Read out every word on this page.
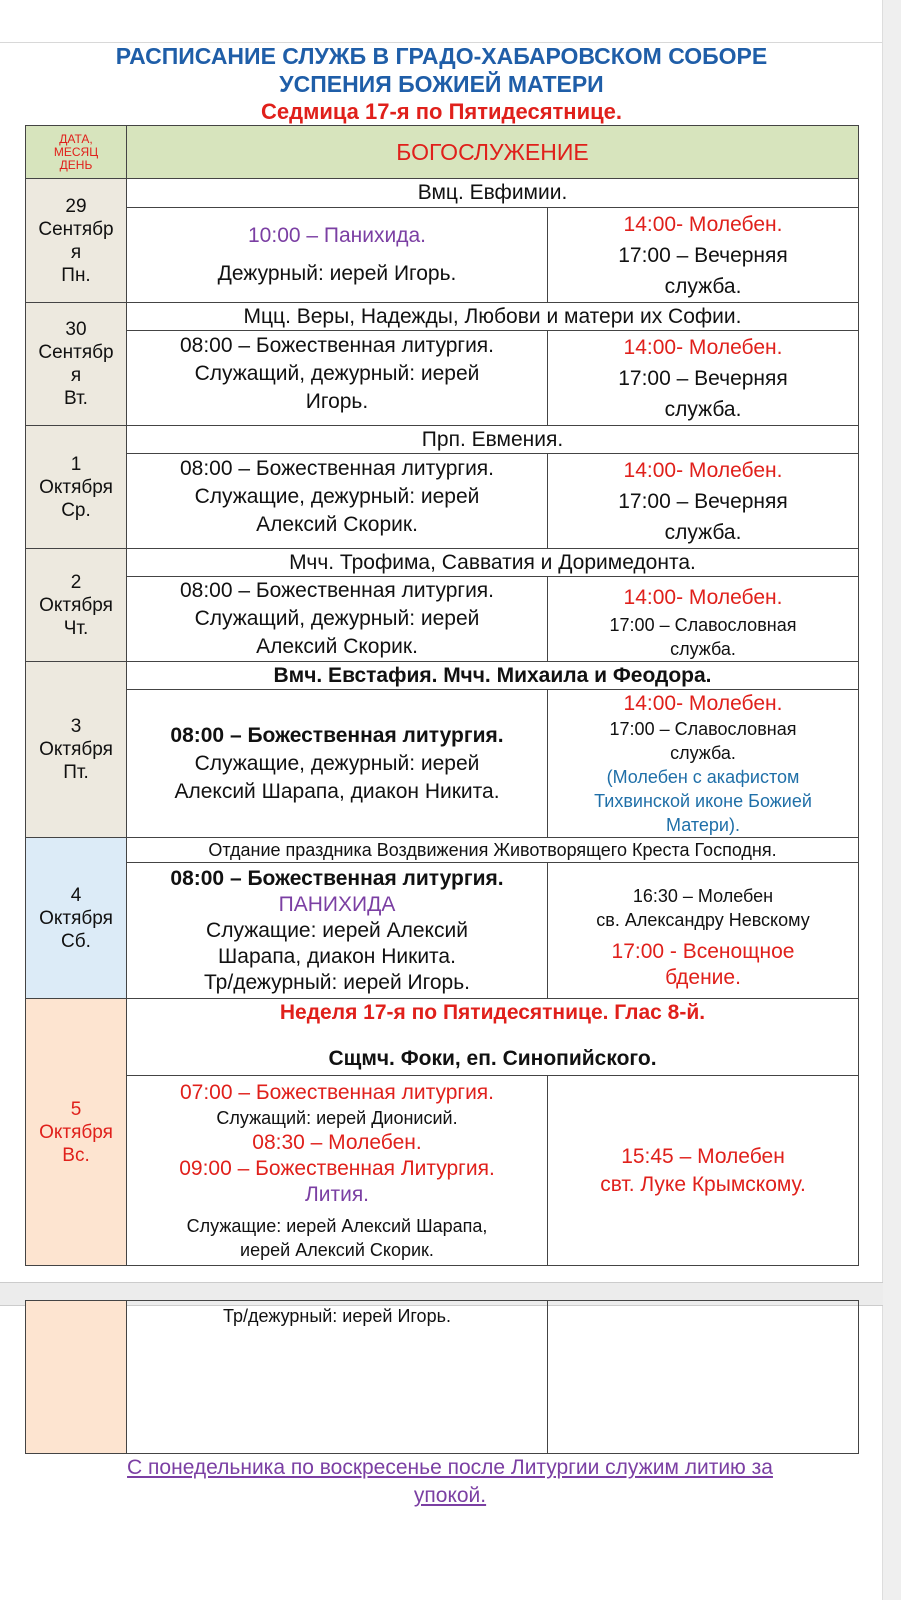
РАСПИСАНИЕ СЛУЖБ В ГРАДО-ХАБАРОВСКОМ СОБОРЕ
УСПЕНИЯ БОЖИЕЙ МАТЕРИ
Седмица 17-я по Пятидесятнице.
ДАТА,
МЕСЯЦ
ДЕНЬ	БОГОСЛУЖЕНИЕ
29
Сентябр
я
Пн.
Вмц. Евфимии.
10:00 – Панихида.
Дежурный: иерей Игорь.
14:00- Молебен.
17:00 – Вечерняя
служба.
30
Сентябр
я
Вт.
Мцц. Веры, Надежды, Любови и матери их Софии.
08:00 – Божественная литургия.
Служащий, дежурный: иерей
Игорь.
14:00- Молебен.
17:00 – Вечерняя
служба.
1
Октября
Ср.
Прп. Евмения.
08:00 – Божественная литургия.
Служащие, дежурный: иерей
Алексий Скорик.
14:00- Молебен.
17:00 – Вечерняя
служба.
2
Октября
Чт.
Мчч. Трофима, Савватия и Доримедонта.
08:00 – Божественная литургия.
Служащий, дежурный: иерей
Алексий Скорик.
14:00- Молебен.
17:00 – Славословная
служба.
3
Октября
Пт.
Вмч. Евстафия. Мчч. Михаила и Феодора.
08:00 – Божественная литургия.
Служащие, дежурный: иерей
Алексий Шарапа, диакон Никита.
14:00- Молебен.
17:00 – Славословная
служба.
(Молебен с акафистом
Тихвинской иконе Божией
Матери).
4
Октября
Сб.
Отдание праздника Воздвижения Животворящего Креста Господня.
08:00 – Божественная литургия.
ПАНИХИДА
Служащие: иерей Алексий
Шарапа, диакон Никита.
Тр/дежурный: иерей Игорь.
16:30 – Молебен
св. Александру Невскому
17:00 - Всенощное
бдение.
5
Октября
Вс.
Неделя 17-я по Пятидесятнице. Глас 8-й.
Сщмч. Фоки, еп. Синопийского.
07:00 – Божественная литургия.
Служащий: иерей Дионисий.
08:30 – Молебен.
09:00 – Божественная Литургия.
Лития.
Служащие: иерей Алексий Шарапа,
иерей Алексий Скорик.
15:45 – Молебен
свт. Луке Крымскому.
Тр/дежурный: иерей Игорь.
С понедельника по воскресенье после Литургии служим литию за
упокой.
